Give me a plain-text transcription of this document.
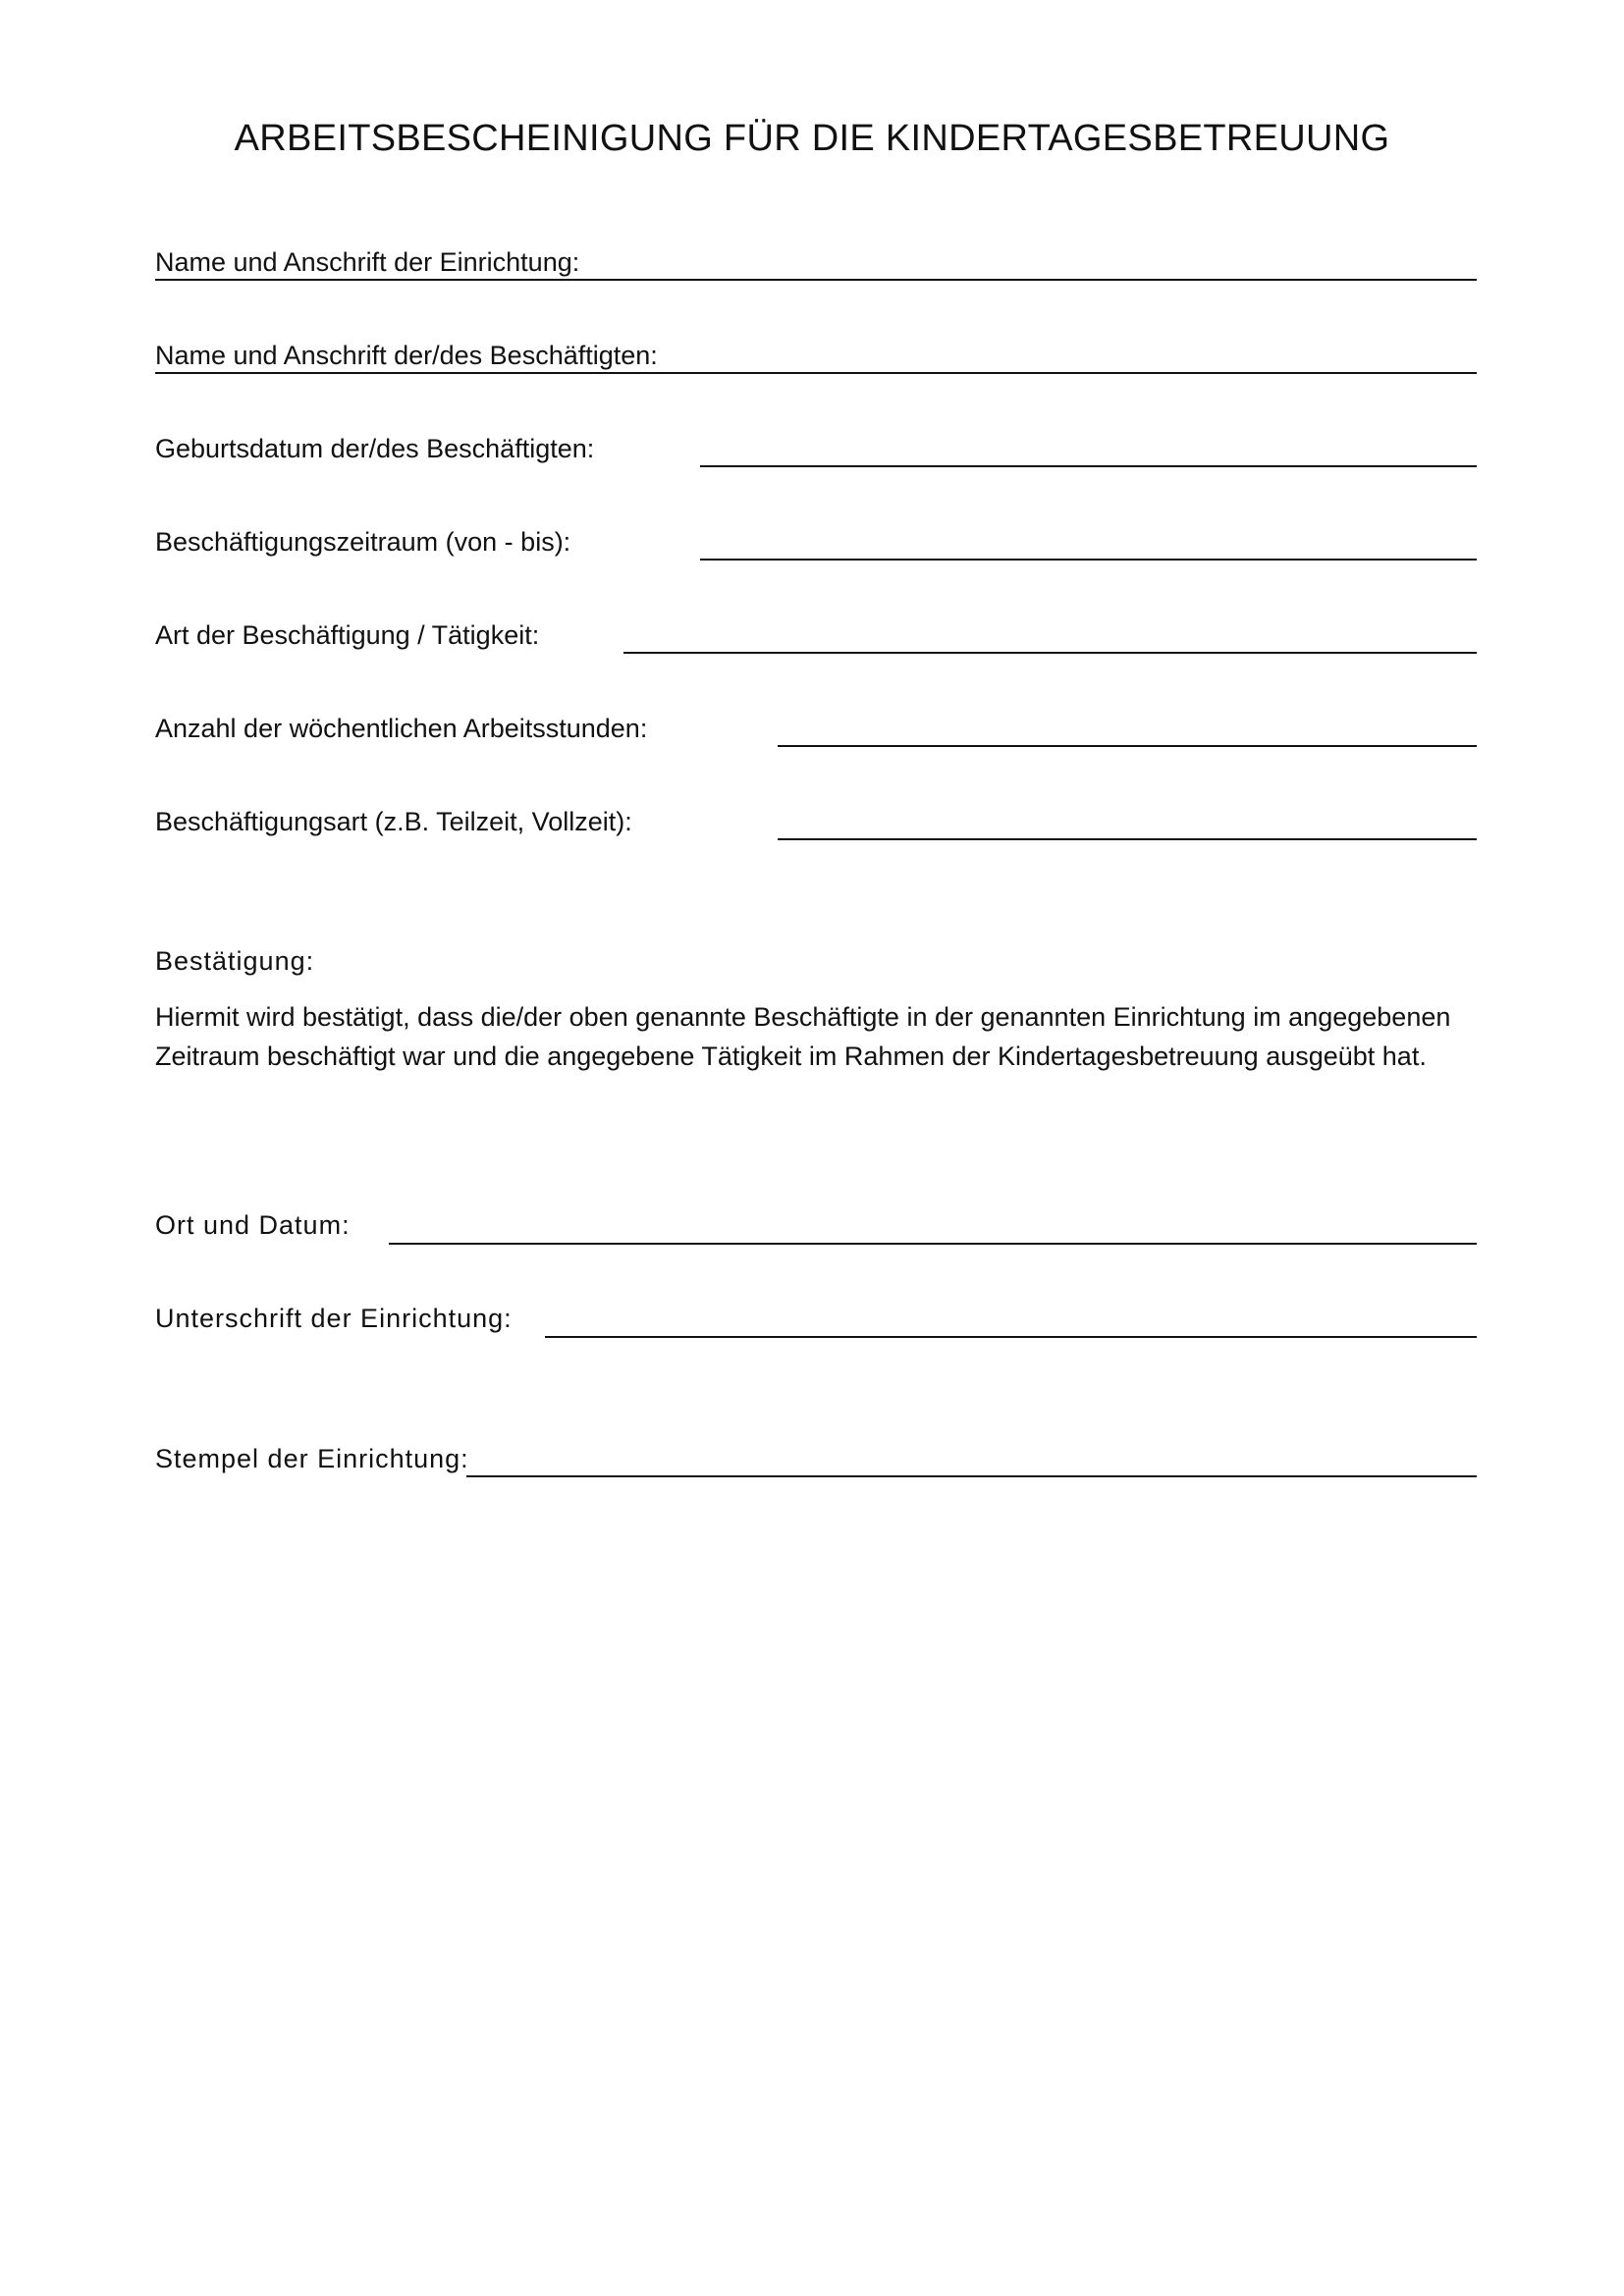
ARBEITSBESCHEINIGUNG FÜR DIE KINDERTAGESBETREUUNG
Name und Anschrift der Einrichtung:
Name und Anschrift der/des Beschäftigten:
Geburtsdatum der/des Beschäftigten:
Beschäftigungszeitraum (von - bis):
Art der Beschäftigung / Tätigkeit:
Anzahl der wöchentlichen Arbeitsstunden:
Beschäftigungsart (z.B. Teilzeit, Vollzeit):
Bestätigung:
Hiermit wird bestätigt, dass die/der oben genannte Beschäftigte in der genannten Einrichtung im angegebenen Zeitraum beschäftigt war und die angegebene Tätigkeit im Rahmen der Kindertagesbetreuung ausgeübt hat.
Ort und Datum:
Unterschrift der Einrichtung:
Stempel der Einrichtung:
